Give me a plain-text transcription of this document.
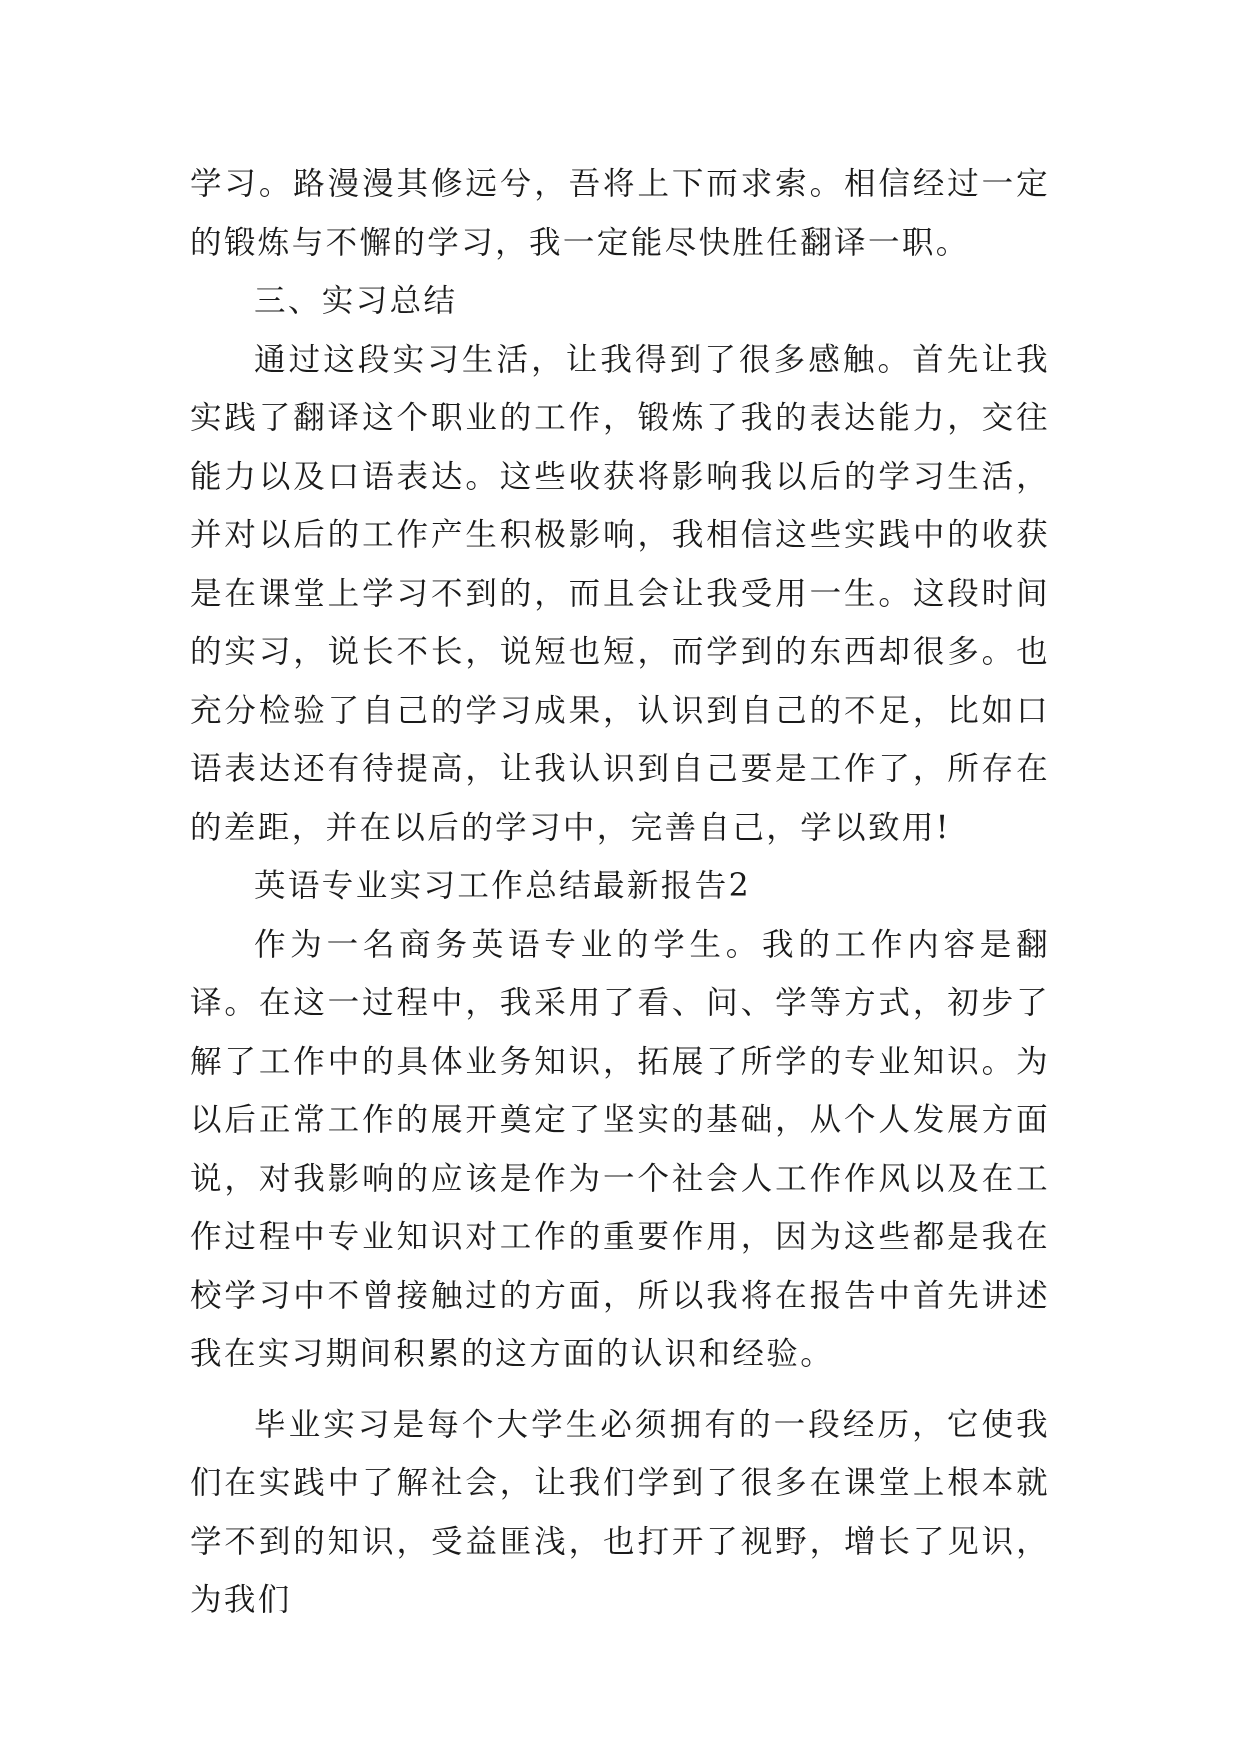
学习。路漫漫其修远兮，吾将上下而求索。相信经过一定的锻炼与不懈的学习，我一定能尽快胜任翻译一职。

三、实习总结

通过这段实习生活，让我得到了很多感触。首先让我实践了翻译这个职业的工作，锻炼了我的表达能力，交往能力以及口语表达。这些收获将影响我以后的学习生活，并对以后的工作产生积极影响，我相信这些实践中的收获是在课堂上学习不到的，而且会让我受用一生。这段时间的实习，说长不长，说短也短，而学到的东西却很多。也充分检验了自己的学习成果，认识到自己的不足，比如口语表达还有待提高，让我认识到自己要是工作了，所存在的差距，并在以后的学习中，完善自己，学以致用!

英语专业实习工作总结最新报告2

作为一名商务英语专业的学生。我的工作内容是翻译。在这一过程中，我采用了看、问、学等方式，初步了解了工作中的具体业务知识，拓展了所学的专业知识。为以后正常工作的展开奠定了坚实的基础，从个人发展方面说，对我影响的应该是作为一个社会人工作作风以及在工作过程中专业知识对工作的重要作用，因为这些都是我在校学习中不曾接触过的方面，所以我将在报告中首先讲述我在实习期间积累的这方面的认识和经验。

毕业实习是每个大学生必须拥有的一段经历，它使我们在实践中了解社会，让我们学到了很多在课堂上根本就学不到的知识，受益匪浅，也打开了视野，增长了见识，为我们
